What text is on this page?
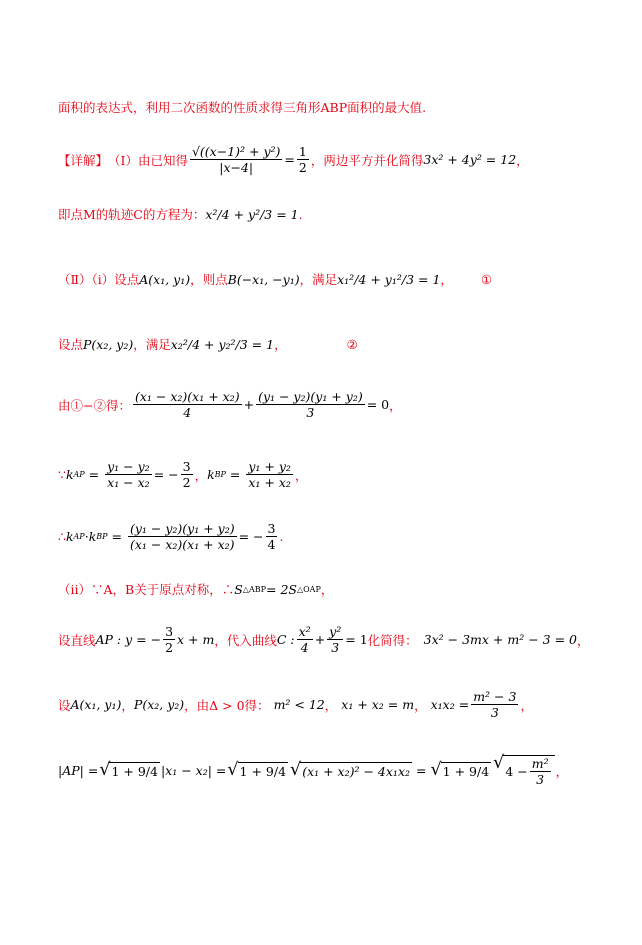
面积的表达式，利用二次函数的性质求得三角形ABP面积的最大值.
【详解】 （Ⅰ）由已知得 $\frac{\text{√((x−1)² + y²)}}{|x-4|} = \frac{1}{2}$ ，两边平方并化简得 3x² + 4y² = 12 ，
即点M的轨迹C的方程为： x²/4 + y²/3 = 1 .
（Ⅱ）（ⅰ）设点 A(x₁, y₁) ，则点 B(−x₁, −y₁) ，满足 x₁²/4 + y₁²/3 = 1 ， ①
设点 P(x₂, y₂) ，满足 x₂²/4 + y₂²/3 = 1 ，	②
由①−②得： $\frac{\text{(x₁ − x₂)(x₁ + x₂)}}{4} + \frac{\text{(y₁ − y₂)(y₁ + y₂)}}{3} = 0$ ，
∵ k AP = $\frac{\text{y₁ − y₂}}{\text{x₁ − x₂}}$ = − $\frac{3}{2}$ ， k BP = $\frac{\text{y₁ + y₂}}{\text{x₁ + x₂}}$ ，
∴ k AP · k BP = $\frac{\text{(y₁ − y₂)(y₁ + y₂)}}{\text{(x₁ − x₂)(x₁ + x₂)}}$ = − $\frac{3}{4}$ .
（ⅱ）∵A，B关于原点对称，∴ S △ABP = 2S △OAP ，
设直线 AP : y = − $\frac{3}{2}$ x + m ，代入曲线 C : $\frac{\text{x²}}{4} + \frac{\text{y²}}{3} = 1$ 化简得： 3x² − 3mx + m² − 3 = 0 ，
设 A(x₁, y₁) ， P(x₂, y₂) ，由Δ > 0得： m² < 12 ， x₁ + x₂ = m ， $x_1x_2 = \frac{\text{m² − 3}}{3}$ ，
|AP| = √ 1 + 9/4 |x₁ − x₂| = √ 1 + 9/4 √ (x₁ + x₂)² − 4x₁x₂ = √ 1 + 9/4 √ $4 - \frac{\text{m²}}{3}$ ，
